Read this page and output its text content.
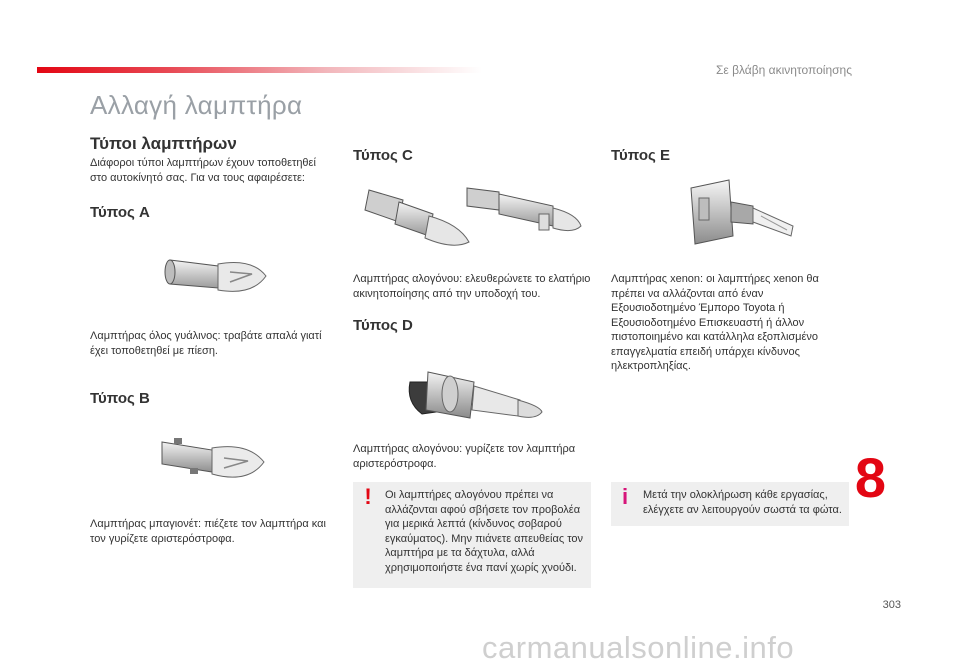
Σε βλάβη ακινητοποίησης
Αλλαγή λαμπτήρα
Τύποι λαμπτήρων
Διάφοροι τύποι λαμπτήρων έχουν τοποθετηθεί στο αυτοκίνητό σας. Για να τους αφαιρέσετε:
Τύπος A
Λαμπτήρας όλος γυάλινος: τραβάτε απαλά γιατί έχει τοποθετηθεί με πίεση.
Τύπος B
Λαμπτήρας μπαγιονέτ: πιέζετε τον λαμπτήρα και τον γυρίζετε αριστερόστροφα.
Τύπος C
Λαμπτήρας αλογόνου: ελευθερώνετε το ελατήριο ακινητοποίησης από την υποδοχή του.
Τύπος D
Λαμπτήρας αλογόνου: γυρίζετε τον λαμπτήρα αριστερόστροφα.
!	Οι λαμπτήρες αλογόνου πρέπει να αλλάζονται αφού σβήσετε τον προβολέα για μερικά λεπτά (κίνδυνος σοβαρού εγκαύματος). Μην πιάνετε απευθείας τον λαμπτήρα με τα δάχτυλα, αλλά χρησιμοποιήστε ένα πανί χωρίς χνούδι.
Τύπος E
Λαμπτήρας xenon: οι λαμπτήρες xenon θα πρέπει να αλλάζονται από έναν Εξουσιοδοτημένο Έμπορο Toyota ή Εξουσιοδοτημένο Επισκευαστή ή άλλον πιστοποιημένο και κατάλληλα εξοπλισμένο επαγγελματία επειδή υπάρχει κίνδυνος ηλεκτροπληξίας.
i	Μετά την ολοκλήρωση κάθε εργασίας, ελέγχετε αν λειτουργούν σωστά τα φώτα.
8
303
carmanualsonline.info
